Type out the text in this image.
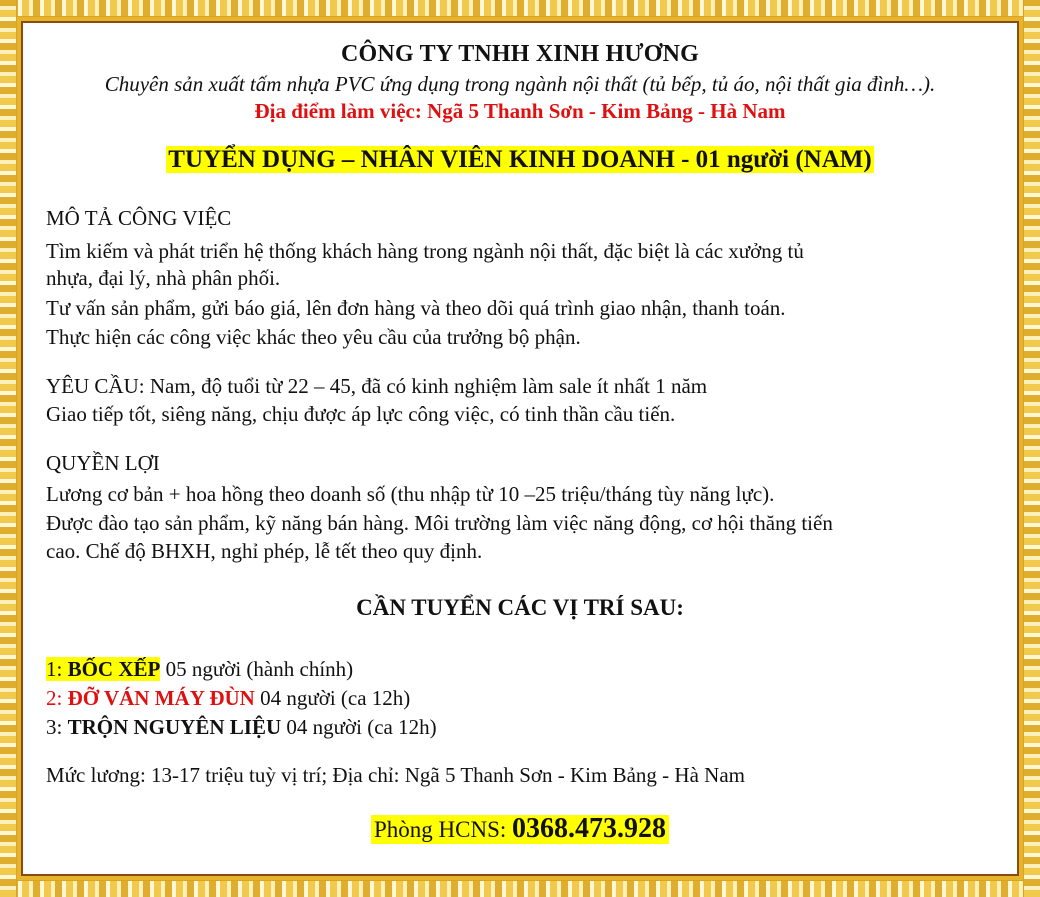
CÔNG TY TNHH XINH HƯƠNG
Chuyên sản xuất tấm nhựa PVC ứng dụng trong ngành nội thất (tủ bếp, tủ áo, nội thất gia đình…).
Địa điểm làm việc: Ngã 5 Thanh Sơn - Kim Bảng - Hà Nam
TUYỂN DỤNG – NHÂN VIÊN KINH DOANH - 01 người (NAM)
MÔ TẢ CÔNG VIỆC
Tìm kiếm và phát triển hệ thống khách hàng trong ngành nội thất, đặc biệt là các xưởng tủ
nhựa, đại lý, nhà phân phối.
Tư vấn sản phẩm, gửi báo giá, lên đơn hàng và theo dõi quá trình giao nhận, thanh toán.
Thực hiện các công việc khác theo yêu cầu của trưởng bộ phận.
YÊU CẦU: Nam, độ tuổi từ 22 – 45, đã có kinh nghiệm làm sale ít nhất 1 năm
Giao tiếp tốt, siêng năng, chịu được áp lực công việc, có tinh thần cầu tiến.
QUYỀN LỢI
Lương cơ bản + hoa hồng theo doanh số (thu nhập từ 10 –25 triệu/tháng tùy năng lực).
Được đào tạo sản phẩm, kỹ năng bán hàng. Môi trường làm việc năng động, cơ hội thăng tiến
cao. Chế độ BHXH, nghỉ phép, lễ tết theo quy định.
CẦN TUYỂN CÁC VỊ TRÍ SAU:
1: BỐC XẾP 05 người (hành chính)
2: ĐỠ VÁN MÁY ĐÙN 04 người (ca 12h)
3: TRỘN NGUYÊN LIỆU 04 người (ca 12h)
Mức lương: 13-17 triệu tuỳ vị trí; Địa chỉ: Ngã 5 Thanh Sơn - Kim Bảng - Hà Nam
Phòng HCNS: 0368.473.928
